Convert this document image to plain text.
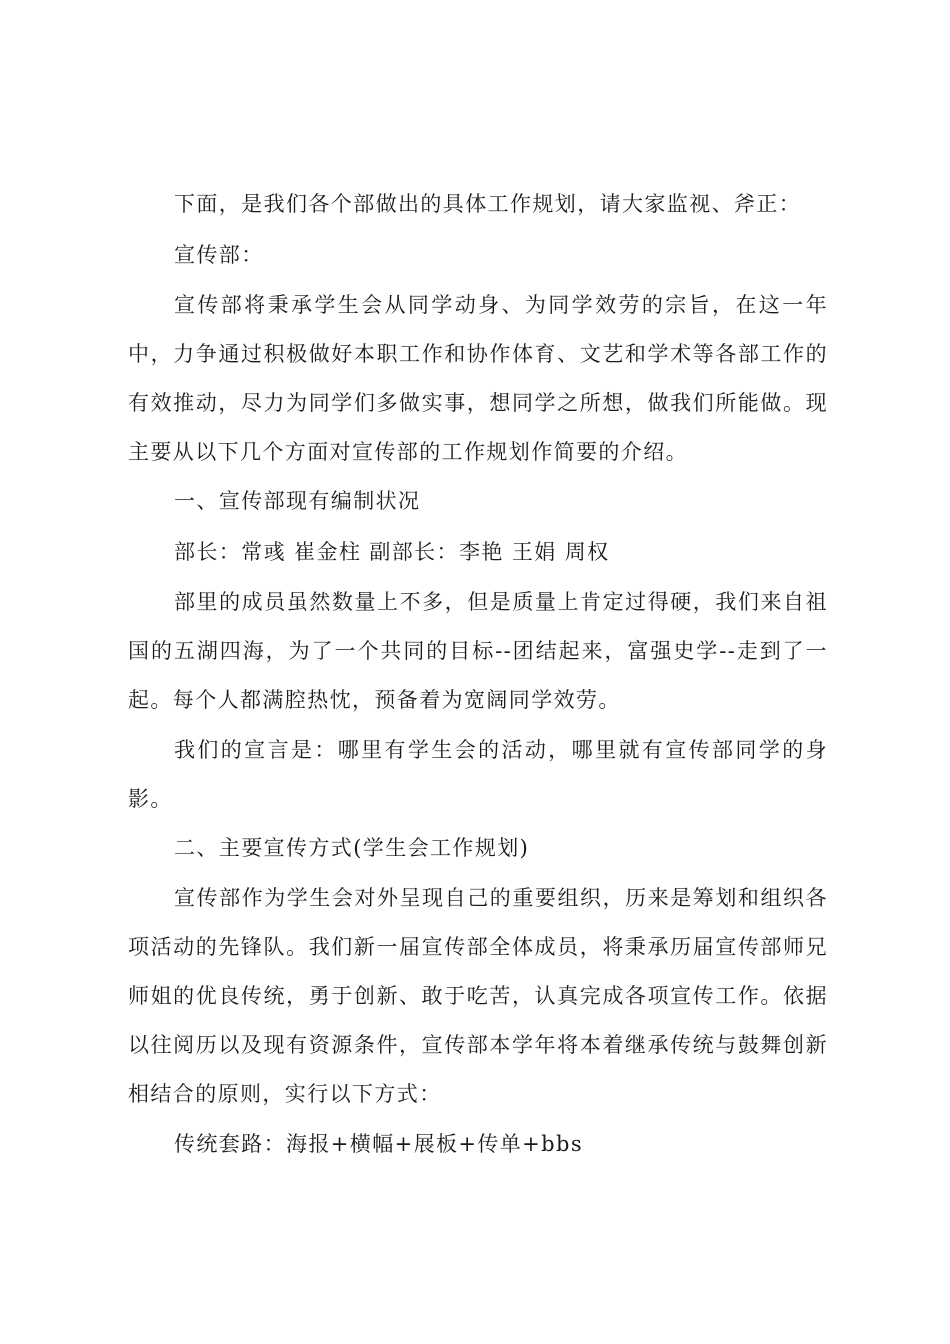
下面，是我们各个部做出的具体工作规划，请大家监视、斧正：

宣传部：

宣传部将秉承学生会从同学动身、为同学效劳的宗旨，在这一年中，力争通过积极做好本职工作和协作体育、文艺和学术等各部工作的有效推动，尽力为同学们多做实事，想同学之所想，做我们所能做。现主要从以下几个方面对宣传部的工作规划作简要的介绍。

一、宣传部现有编制状况

部长：常彧 崔金柱 副部长：李艳 王娟 周权

部里的成员虽然数量上不多，但是质量上肯定过得硬，我们来自祖国的五湖四海，为了一个共同的目标--团结起来，富强史学--走到了一起。每个人都满腔热忱，预备着为宽阔同学效劳。

我们的宣言是：哪里有学生会的活动，哪里就有宣传部同学的身影。

二、主要宣传方式(学生会工作规划)

宣传部作为学生会对外呈现自己的重要组织，历来是筹划和组织各项活动的先锋队。我们新一届宣传部全体成员，将秉承历届宣传部师兄师姐的优良传统，勇于创新、敢于吃苦，认真完成各项宣传工作。依据以往阅历以及现有资源条件，宣传部本学年将本着继承传统与鼓舞创新相结合的原则，实行以下方式：

传统套路：海报+横幅+展板+传单+bbs
